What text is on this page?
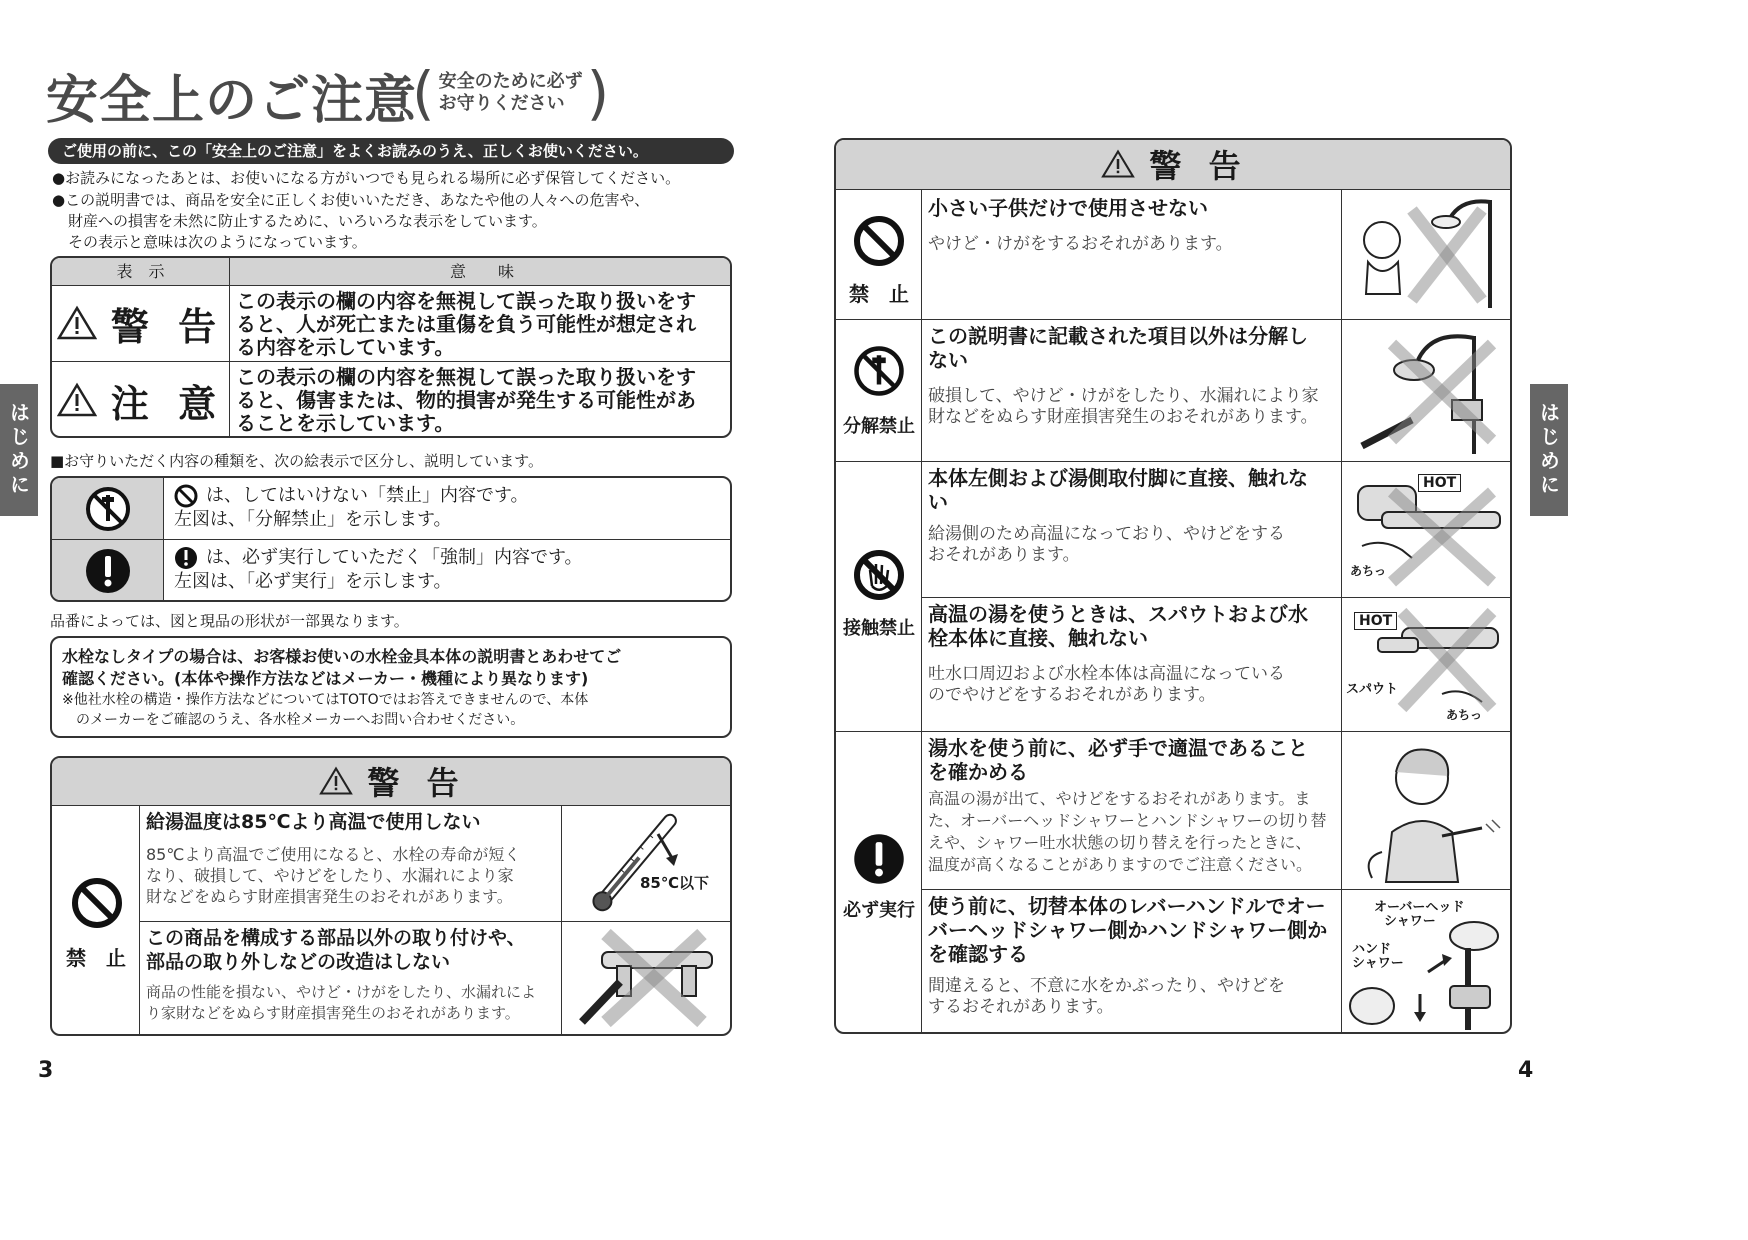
安全上のご注意
( 安全のために必ず
お守りください )
ご使用の前に、この「安全上のご注意」をよくお読みのうえ、正しくお使いください。
●お読みになったあとは、お使いになる方がいつでも見られる場所に必ず保管してください。
●この説明書では、商品を安全に正しくお使いいただき、あなたや他の人々への危害や、
財産への損害を未然に防止するために、いろいろな表示をしています。
その表示と意味は次のようになっています。
表　示	意　　味
警 告
この表示の欄の内容を無視して誤った取り扱いをす
ると、人が死亡または重傷を負う可能性が想定され
る内容を示しています。
注 意
この表示の欄の内容を無視して誤った取り扱いをす
ると、傷害または、物的損害が発生する可能性があ
ることを示しています。
■お守りいただく内容の種類を、次の絵表示で区分し、説明しています。
は、してはいけない「禁止」内容です。
左図は、「分解禁止」を示します。
は、必ず実行していただく「強制」内容です。
左図は、「必ず実行」を示します。
品番によっては、図と現品の形状が一部異なります。
水栓なしタイプの場合は、お客様お使いの水栓金具本体の説明書とあわせてご
確認ください。(本体や操作方法などはメーカー・機種により異なります)
※他社水栓の構造・操作方法などについてはTOTOではお答えできませんので、本体
のメーカーをご確認のうえ、各水栓メーカーへお問い合わせください。
警 告
禁　止
給湯温度は85℃より高温で使用しない
85℃より高温でご使用になると、水栓の寿命が短く
なり、破損して、やけどをしたり、水漏れにより家
財などをぬらす財産損害発生のおそれがあります。
85℃以下
この商品を構成する部品以外の取り付けや、
部品の取り外しなどの改造はしない
商品の性能を損ない、やけど・けがをしたり、水漏れによ
り家財などをぬらす財産損害発生のおそれがあります。
3
はじめに
警 告
禁　止
分解禁止
接触禁止
必ず実行
小さい子供だけで使用させない
やけど・けがをするおそれがあります。
この説明書に記載された項目以外は分解し
ない
破損して、やけど・けがをしたり、水漏れにより家
財などをぬらす財産損害発生のおそれがあります。
本体左側および湯側取付脚に直接、触れな
い
給湯側のため高温になっており、やけどをする
おそれがあります。
高温の湯を使うときは、スパウトおよび水
栓本体に直接、触れない
吐水口周辺および水栓本体は高温になっている
のでやけどをするおそれがあります。
湯水を使う前に、必ず手で適温であること
を確かめる
高温の湯が出て、やけどをするおそれがあります。ま
た、オーバーヘッドシャワーとハンドシャワーの切り替
えや、シャワー吐水状態の切り替えを行ったときに、
温度が高くなることがありますのでご注意ください。
使う前に、切替本体のレバーハンドルでオー
バーヘッドシャワー側かハンドシャワー側か
を確認する
間違えると、不意に水をかぶったり、やけどを
するおそれがあります。
HOT
あちっ
HOT
スパウト
あちっ
オーバーヘッド
シャワー
ハンド
シャワー
4
はじめに
